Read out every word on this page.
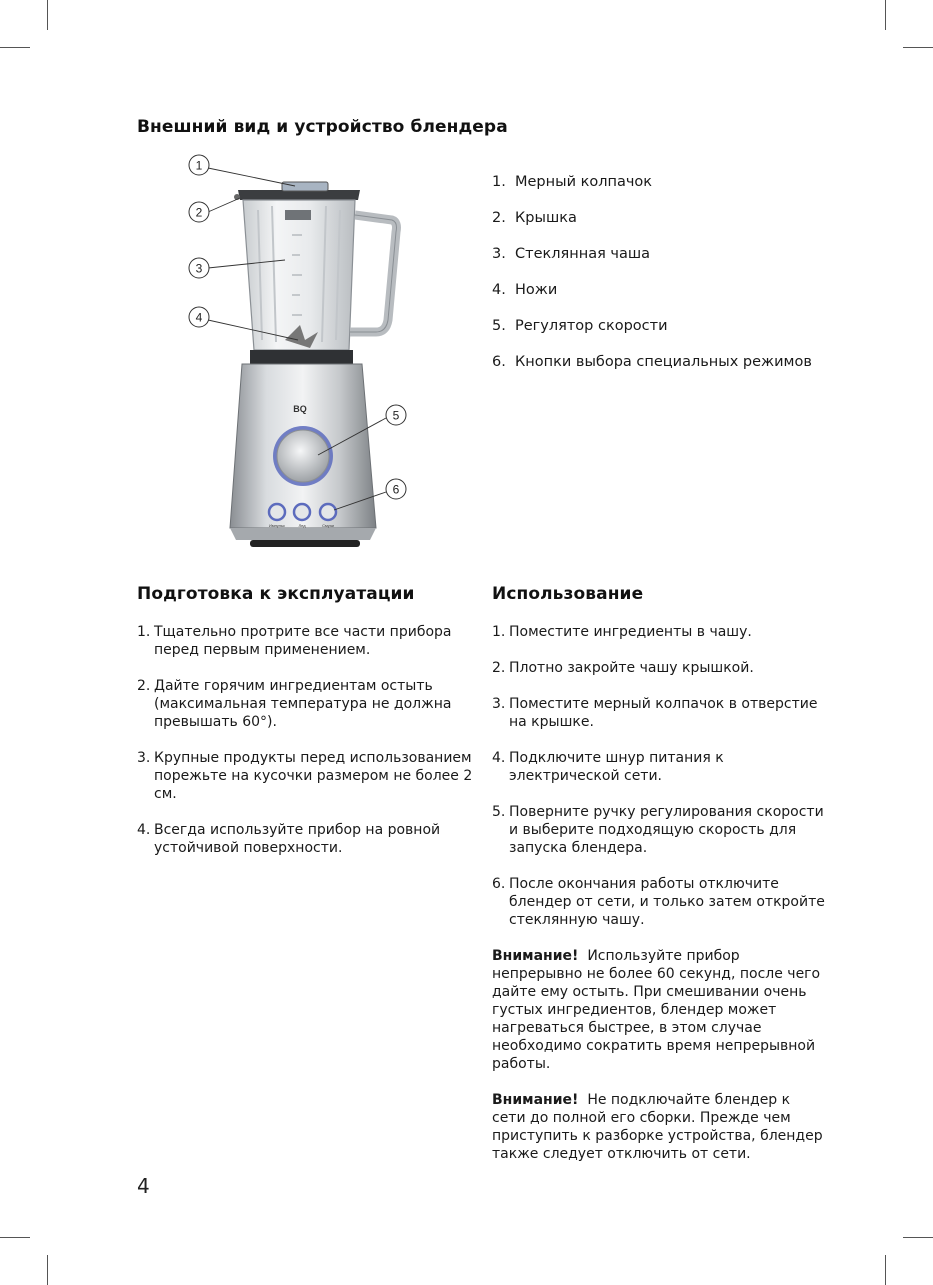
Внешний вид и устройство блендера
Импульс	Лед	Смузи
BQ
1
2
3
4
5
6
1. Мерный колпачок
2. Крышка
3. Стеклянная чаша
4. Ножи
5. Регулятор скорости
6. Кнопки выбора специальных режимов
Подготовка к эксплуатации
1. Тщательно протрите все части прибора перед первым применением.
2. Дайте горячим ингредиентам остыть (максимальная температура не должна превышать 60°).
3. Крупные продукты перед использованием порежьте на кусочки размером не более 2 см.
4. Всегда используйте прибор на ровной устойчивой поверхности.
Использование
1. Поместите ингредиенты в чашу.
2. Плотно закройте чашу крышкой.
3. Поместите мерный колпачок в отверстие на крышке.
4. Подключите шнур питания к электрической сети.
5. Поверните ручку регулирования скорости и выберите подходящую скорость для запуска блендера.
6. После окончания работы отключите блендер от сети, и только затем откройте стеклянную чашу.

Внимание! Используйте прибор непрерывно не более 60 секунд, после чего дайте ему остыть. При смешивании очень густых ингредиентов, блендер может нагреваться быстрее, в этом случае необходимо сократить время непрерывной работы.

Внимание! Не подключайте блендер к сети до полной его сборки. Прежде чем приступить к разборке устройства, блендер также следует отключить от сети.

4
